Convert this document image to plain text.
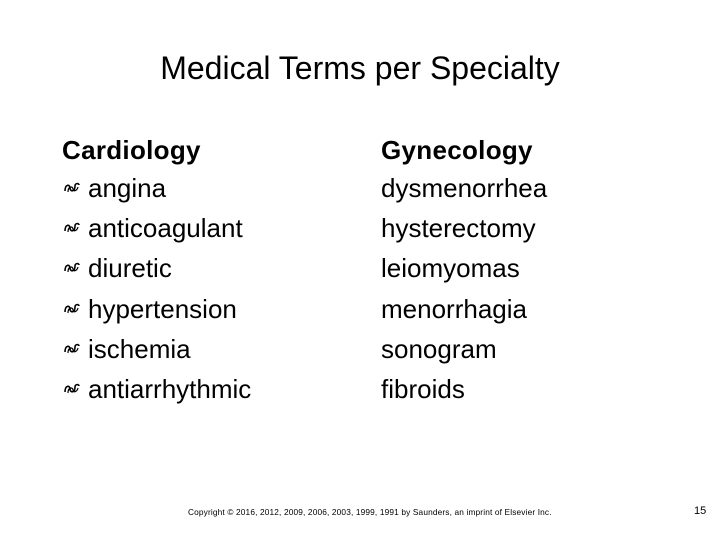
Medical Terms per Specialty
Cardiology
angina
anticoagulant
diuretic
hypertension
ischemia
antiarrhythmic
Gynecology
dysmenorrhea
hysterectomy
leiomyomas
menorrhagia
sonogram
fibroids
Copyright © 2016, 2012, 2009, 2006, 2003, 1999, 1991 by Saunders, an imprint of Elsevier Inc.	15
